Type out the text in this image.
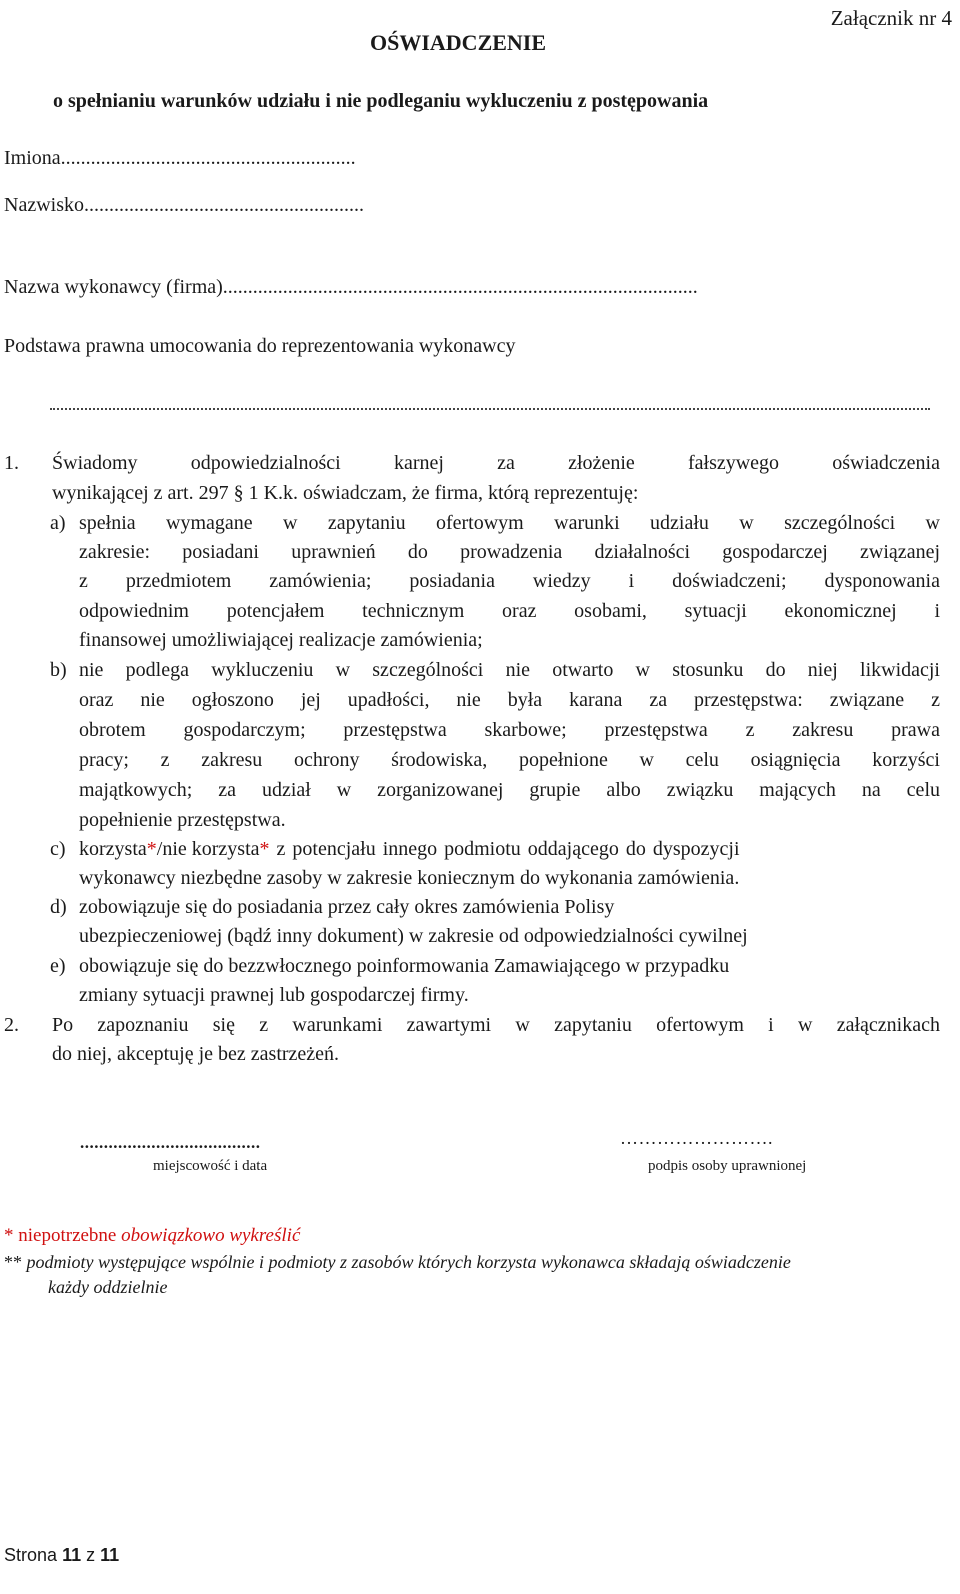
Załącznik nr 4
OŚWIADCZENIE
o spełnianiu warunków udziału i nie podleganiu wykluczeniu z postępowania
Imiona...........................................................
Nazwisko........................................................
Nazwa wykonawcy (firma)...............................................................................................
Podstawa prawna umocowania do reprezentowania wykonawcy
1. Świadomy odpowiedzialności karnej za złożenie fałszywego oświadczenia
wynikającej z art. 297 § 1 K.k. oświadczam, że firma, którą reprezentuję:
a) spełnia wymagane w zapytaniu ofertowym warunki udziału w szczególności w
zakresie: posiadani uprawnień do prowadzenia działalności gospodarczej związanej
z przedmiotem zamówienia; posiadania wiedzy i doświadczeni; dysponowania
odpowiednim potencjałem technicznym oraz osobami, sytuacji ekonomicznej i
finansowej umożliwiającej realizacje zamówienia;
b) nie podlega wykluczeniu w szczególności nie otwarto w stosunku do niej likwidacji
oraz nie ogłoszono jej upadłości, nie była karana za przestępstwa: związane z
obrotem gospodarczym; przestępstwa skarbowe; przestępstwa z zakresu prawa
pracy; z zakresu ochrony środowiska, popełnione w celu osiągnięcia korzyści
majątkowych; za udział w zorganizowanej grupie albo związku mających na celu
popełnienie przestępstwa.
c) korzysta*/nie korzysta* z potencjału innego podmiotu oddającego do dyspozycji
wykonawcy niezbędne zasoby w zakresie koniecznym do wykonania zamówienia.
d) zobowiązuje się do posiadania przez cały okres zamówienia Polisy
ubezpieczeniowej (bądź inny dokument) w zakresie od odpowiedzialności cywilnej
e) obowiązuje się do bezzwłocznego poinformowania Zamawiającego w przypadku
zmiany sytuacji prawnej lub gospodarczej firmy.
2. Po zapoznaniu się z warunkami zawartymi w zapytaniu ofertowym i w załącznikach
do niej, akceptuję je bez zastrzeżeń.
......................................
miejscowość i data
…………………….
podpis osoby uprawnionej
* niepotrzebne obowiązkowo wykreślić
** podmioty występujące wspólnie i podmioty z zasobów których korzysta wykonawca składają oświadczenie
każdy oddzielnie
Strona 11 z 11
